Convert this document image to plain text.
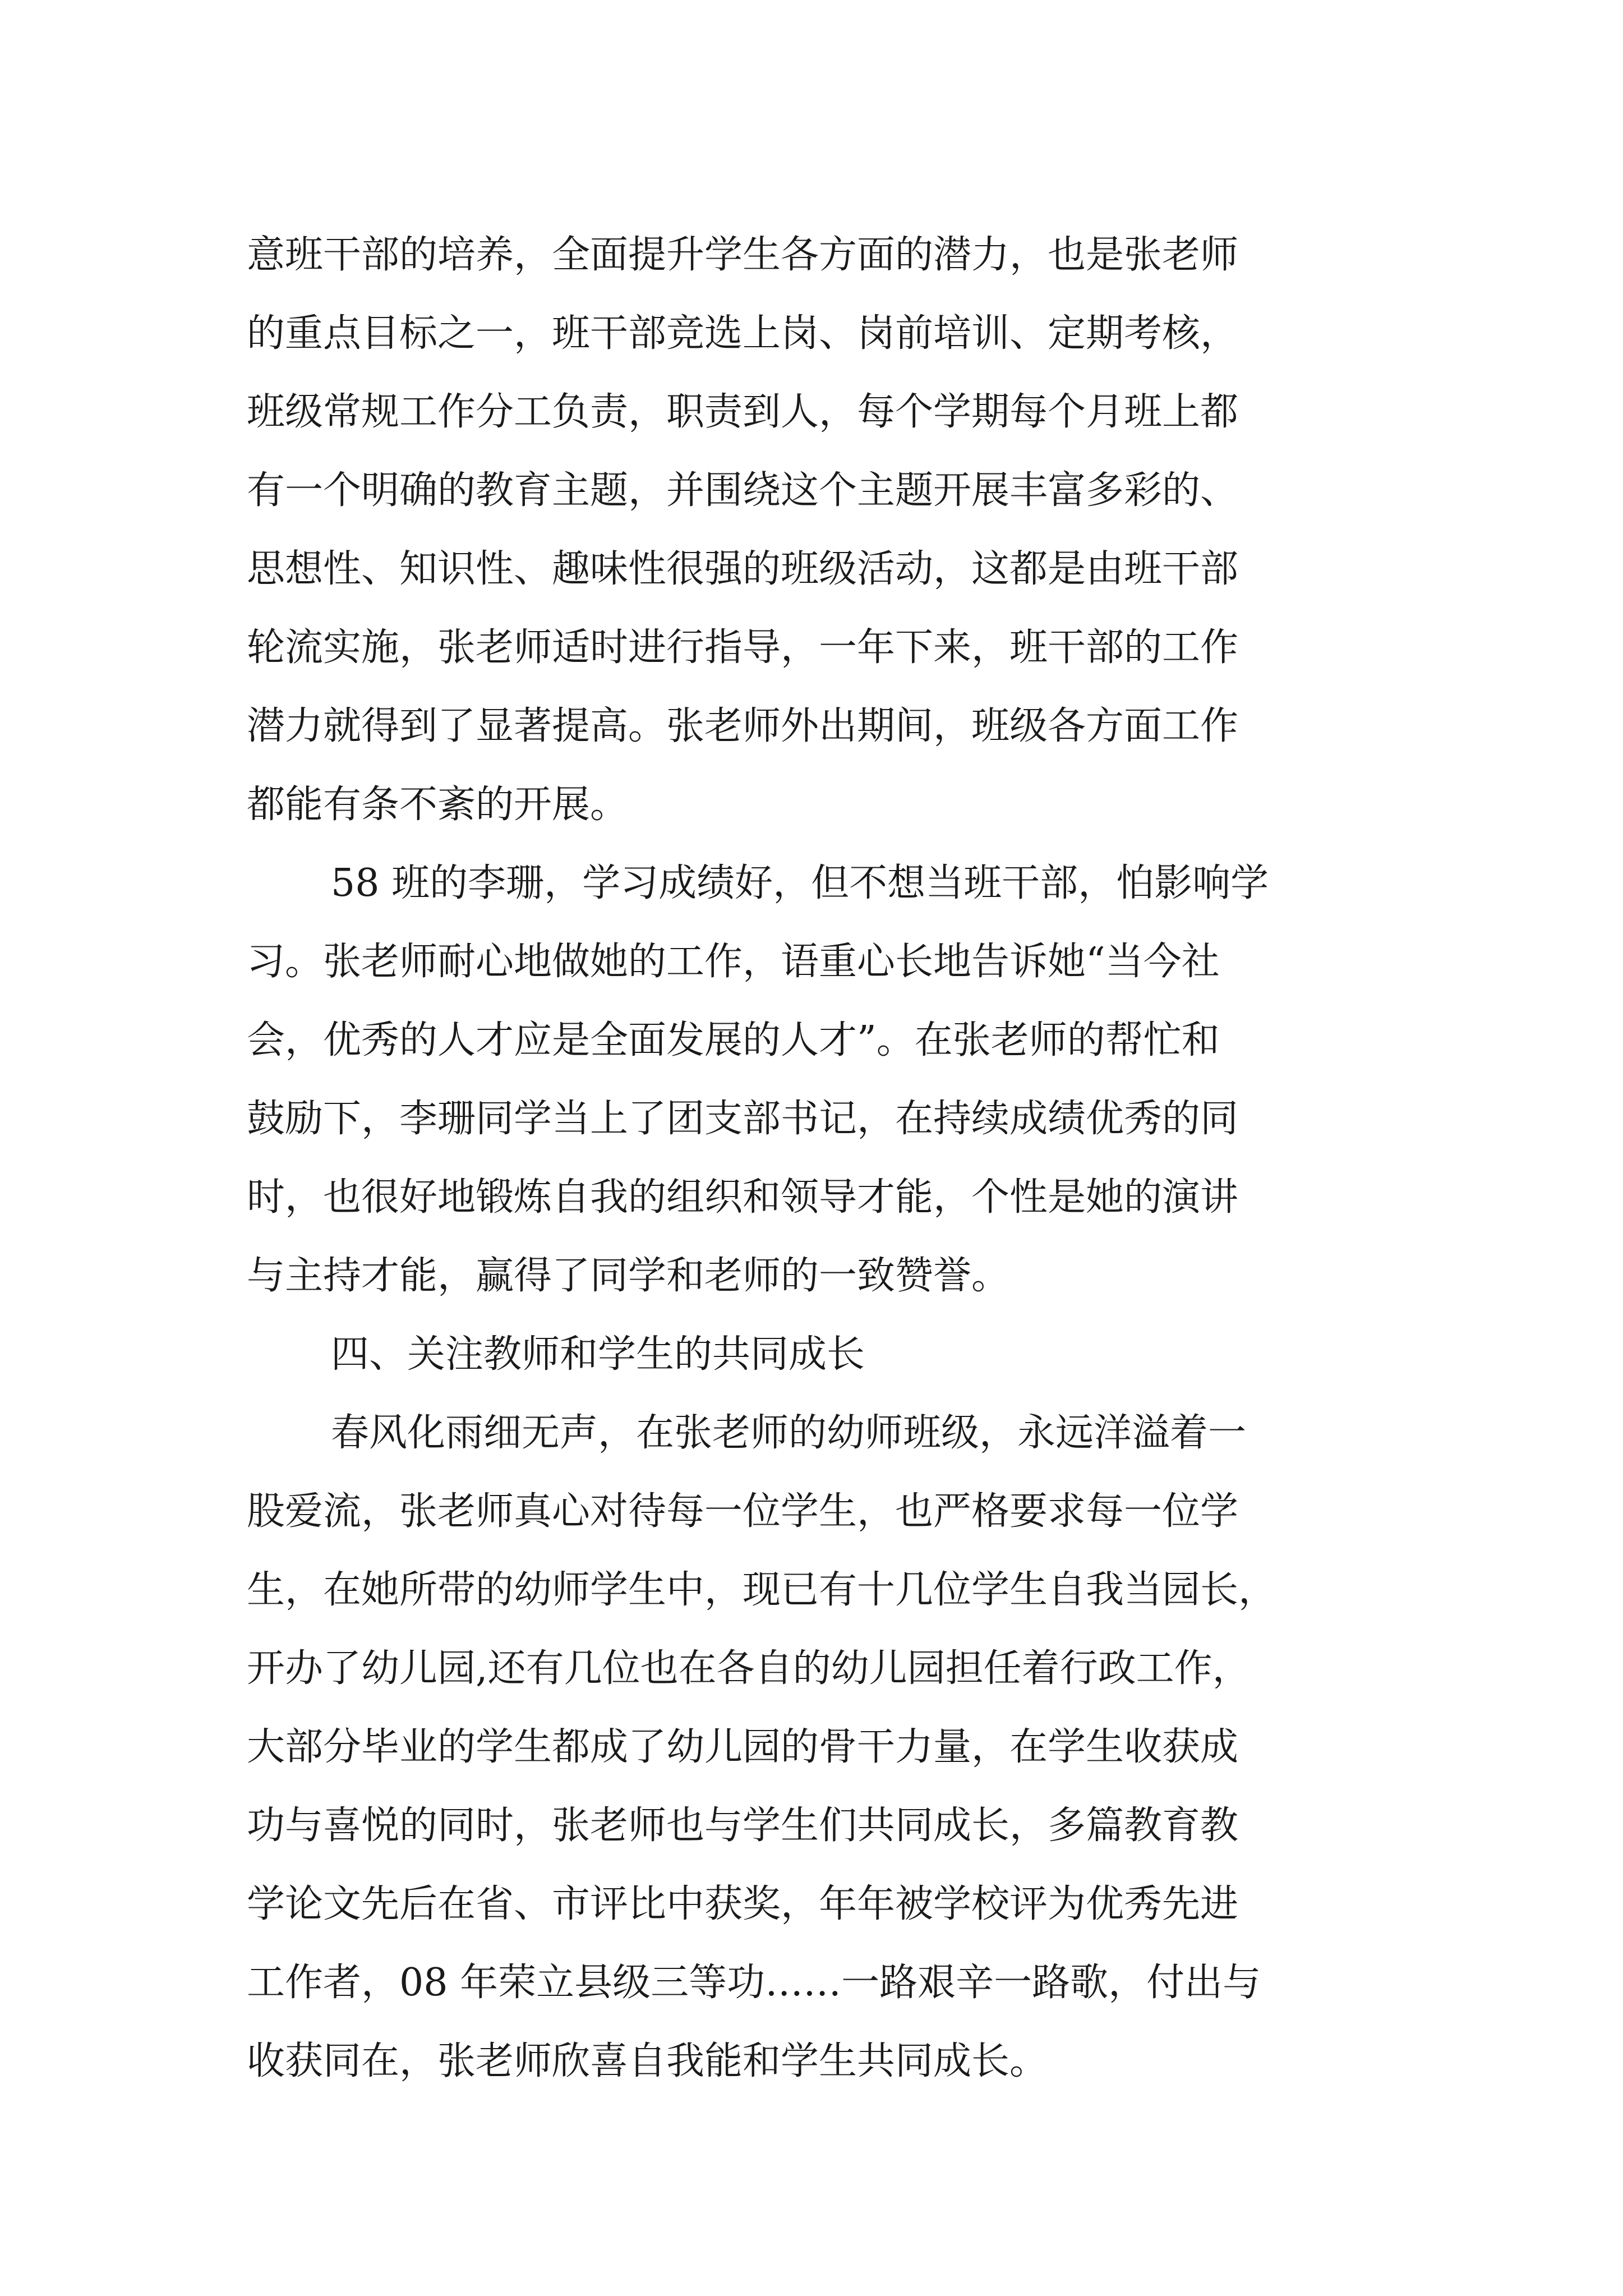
意班干部的培养，全面提升学生各方面的潜力，也是张老师
的重点目标之一，班干部竞选上岗、岗前培训、定期考核，
班级常规工作分工负责，职责到人，每个学期每个月班上都
有一个明确的教育主题，并围绕这个主题开展丰富多彩的、
思想性、知识性、趣味性很强的班级活动，这都是由班干部
轮流实施，张老师适时进行指导，一年下来，班干部的工作
潜力就得到了显著提高。张老师外出期间，班级各方面工作
都能有条不紊的开展。
58 班的李珊，学习成绩好，但不想当班干部，怕影响学
习。张老师耐心地做她的工作，语重心长地告诉她“当今社
会，优秀的人才应是全面发展的人才”。在张老师的帮忙和
鼓励下，李珊同学当上了团支部书记，在持续成绩优秀的同
时，也很好地锻炼自我的组织和领导才能，个性是她的演讲
与主持才能，赢得了同学和老师的一致赞誉。
四、关注教师和学生的共同成长
春风化雨细无声，在张老师的幼师班级，永远洋溢着一
股爱流，张老师真心对待每一位学生，也严格要求每一位学
生，在她所带的幼师学生中，现已有十几位学生自我当园长，
开办了幼儿园,还有几位也在各自的幼儿园担任着行政工作，
大部分毕业的学生都成了幼儿园的骨干力量，在学生收获成
功与喜悦的同时，张老师也与学生们共同成长，多篇教育教
学论文先后在省、市评比中获奖，年年被学校评为优秀先进
工作者，08 年荣立县级三等功……一路艰辛一路歌，付出与
收获同在，张老师欣喜自我能和学生共同成长。
